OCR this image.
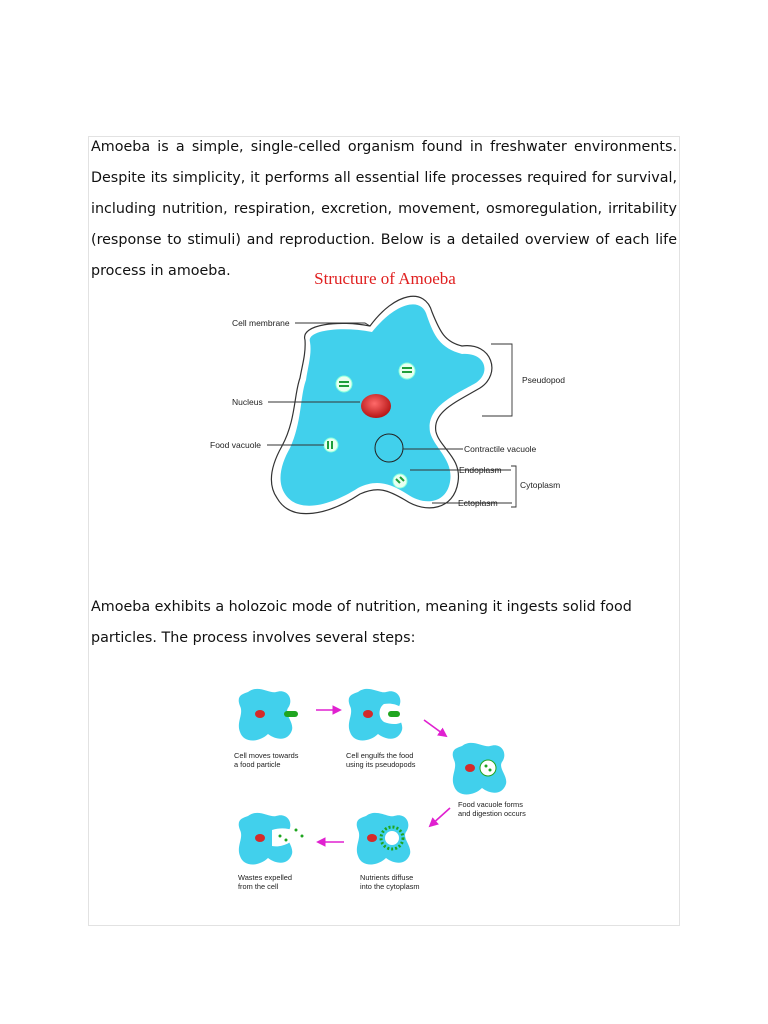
Amoeba is a simple, single-celled organism found in freshwater environments. Despite its simplicity, it performs all essential life processes required for survival, including nutrition, respiration, excretion, movement, osmoregulation, irritability (response to stimuli) and reproduction. Below is a detailed overview of each life process in amoeba.	Structure of Amoeba
Cell membrane
Nucleus
Food vacuole
Pseudopod
Contractile vacuole
Endoplasm
Cytoplasm
Ectoplasm

Amoeba exhibits a holozoic mode of nutrition, meaning it ingests solid food particles. The process involves several steps:

Cell moves towards a food particle
Cell engulfs the food using its pseudopods
Food vacuole forms and digestion occurs
Nutrients diffuse into the cytoplasm
Wastes expelled from the cell
